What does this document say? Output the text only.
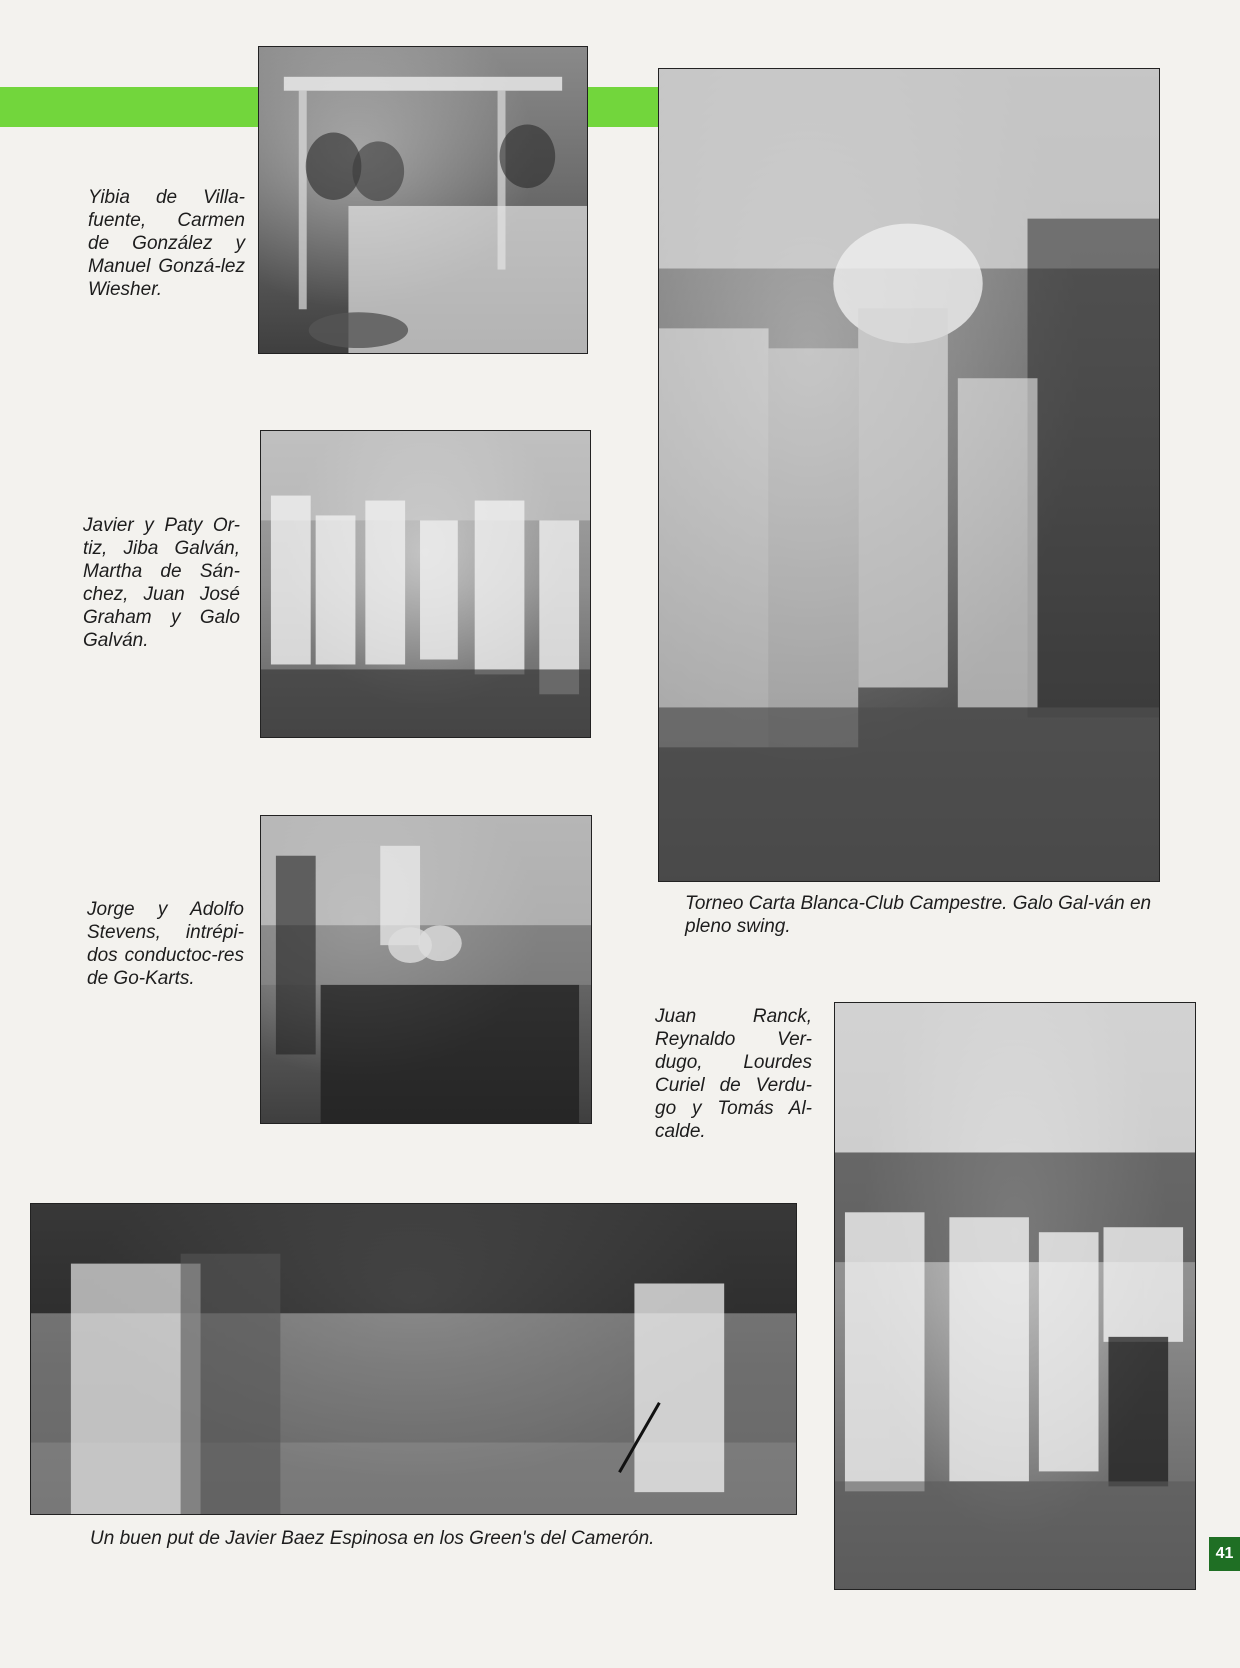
Yibia de Villa-fuente, Carmen de González y Manuel Gonzá-lez Wiesher.
Javier y Paty Or-tiz, Jiba Galván, Martha de Sán-chez, Juan José Graham y Galo Galván.
Jorge y Adolfo Stevens, intrépi-dos conductoc-res de Go-Karts.
Torneo Carta Blanca-Club Campestre. Galo Gal-ván en pleno swing.
Juan Ranck, Reynaldo Ver-dugo, Lourdes Curiel de Verdu-go y Tomás Al-calde.
Un buen put de Javier Baez Espinosa en los Green's del Camerón.
41
